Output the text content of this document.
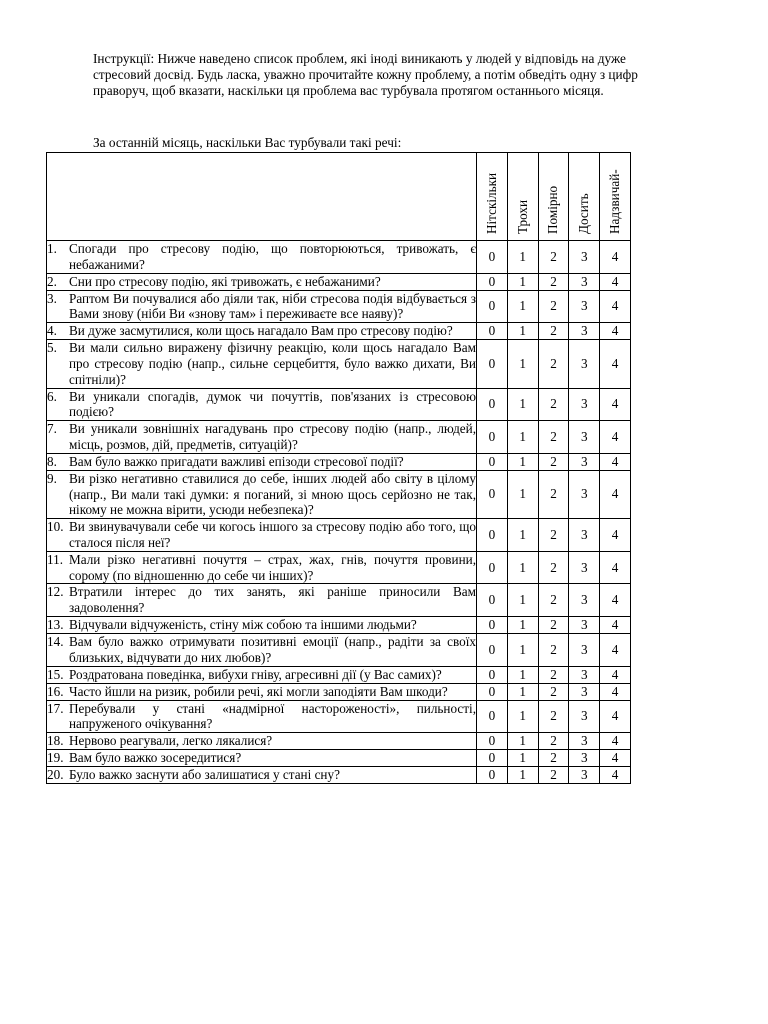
Інструкції: Нижче наведено список проблем, які іноді виникають у людей у відповідь на дуже стресовий досвід. Будь ласка, уважно прочитайте кожну проблему, а потім обведіть одну з цифр праворуч, щоб вказати, наскільки ця проблема вас турбувала протягом останнього місяця.
За останній місяць, наскільки Вас турбували такі речі:

	Нітскільки	Трохи	Помірно	Досить	Надзвичай-

1. Спогади про стресову подію, що повторюються, тривожать, є небажаними?	0	1	2	3	4

2. Сни про стресову подію, які тривожать, є небажаними?	0	1	2	3	4

3. Раптом Ви почувалися або діяли так, ніби стресова подія відбувається з Вами знову (ніби Ви «знову там» і переживаєте все наяву)?	0	1	2	3	4

4. Ви дуже засмутилися, коли щось нагадало Вам про стресову подію?	0	1	2	3	4

5. Ви мали сильно виражену фізичну реакцію, коли щось нагадало Вам про стресову подію (напр., сильне серцебиття, було важко дихати, Ви спітніли)?	0	1	2	3	4

6. Ви уникали спогадів, думок чи почуттів, пов'язаних із стресовою подією?	0	1	2	3	4

7. Ви уникали зовнішніх нагадувань про стресову подію (напр., людей, місць, розмов, дій, предметів, ситуацій)?	0	1	2	3	4

8. Вам було важко пригадати важливі епізоди стресової події?	0	1	2	3	4

9. Ви різко негативно ставилися до себе, інших людей або світу в цілому (напр., Ви мали такі думки: я поганий, зі мною щось серйозно не так, нікому не можна вірити, усюди небезпека)?	0	1	2	3	4

10. Ви звинувачували себе чи когось іншого за стресову подію або того, що сталося після неї?	0	1	2	3	4

11. Мали різко негативні почуття – страх, жах, гнів, почуття провини, сорому (по відношенню до себе чи інших)?	0	1	2	3	4

12. Втратили інтерес до тих занять, які раніше приносили Вам задоволення?	0	1	2	3	4

13. Відчували відчуженість, стіну між собою та іншими людьми?	0	1	2	3	4

14. Вам було важко отримувати позитивні емоції (напр., радіти за своїх близьких, відчувати до них любов)?	0	1	2	3	4

15. Роздратована поведінка, вибухи гніву, агресивні дії (у Вас самих)?	0	1	2	3	4

16. Часто йшли на ризик, робили речі, які могли заподіяти Вам шкоди?	0	1	2	3	4

17. Перебували у стані «надмірної настороженості», пильності, напруженого очікування?	0	1	2	3	4

18. Нервово реагували, легко лякалися?	0	1	2	3	4

19. Вам було важко зосередитися?	0	1	2	3	4

20. Було важко заснути або залишатися у стані сну?	0	1	2	3	4
